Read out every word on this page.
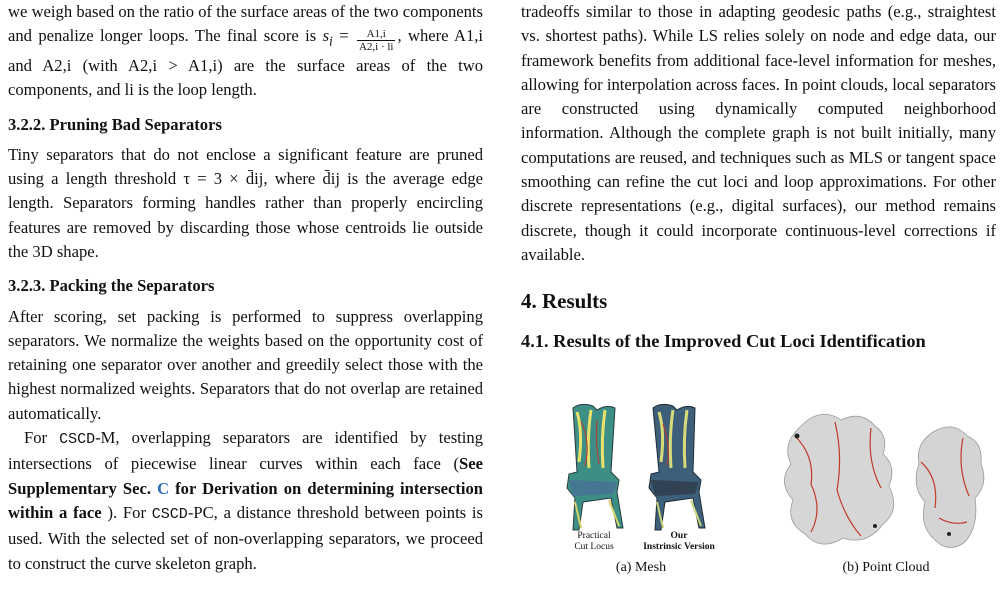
we weigh based on the ratio of the surface areas of the two components and penalize longer loops. The final score is $s_i = \frac{A1,i}{A2,i \cdot li}$ , where A1,i and A2,i (with A2,i > A1,i) are the surface areas of the two components, and li is the loop length.

3.2.2. Pruning Bad Separators

Tiny separators that do not enclose a significant feature are pruned using a length threshold τ = 3 × d̄ij, where d̄ij is the average edge length. Separators forming handles rather than properly encircling features are removed by discarding those whose centroids lie outside the 3D shape.

3.2.3. Packing the Separators

After scoring, set packing is performed to suppress overlapping separators. We normalize the weights based on the opportunity cost of retaining one separator over another and greedily select those with the highest normalized weights. Separators that do not overlap are retained automatically.

For CSCD-M, overlapping separators are identified by testing intersections of piecewise linear curves within each face (See Supplementary Sec. C for Derivation on determining intersection within a face ). For CSCD-PC, a distance threshold between points is used. With the selected set of non-overlapping separators, we proceed to construct the curve skeleton graph.

tradeoffs similar to those in adapting geodesic paths (e.g., straightest vs. shortest paths). While LS relies solely on node and edge data, our framework benefits from additional face-level information for meshes, allowing for interpolation across faces. In point clouds, local separators are constructed using dynamically computed neighborhood information. Although the complete graph is not built initially, many computations are reused, and techniques such as MLS or tangent space smoothing can refine the cut loci and loop approximations. For other discrete representations (e.g., digital surfaces), our method remains discrete, though it could incorporate continuous-level corrections if available.

4. Results
4.1. Results of the Improved Cut Loci Identification
Practical
Cut Locus
Our
Instrinsic Version
(a) Mesh	(b) Point Cloud
